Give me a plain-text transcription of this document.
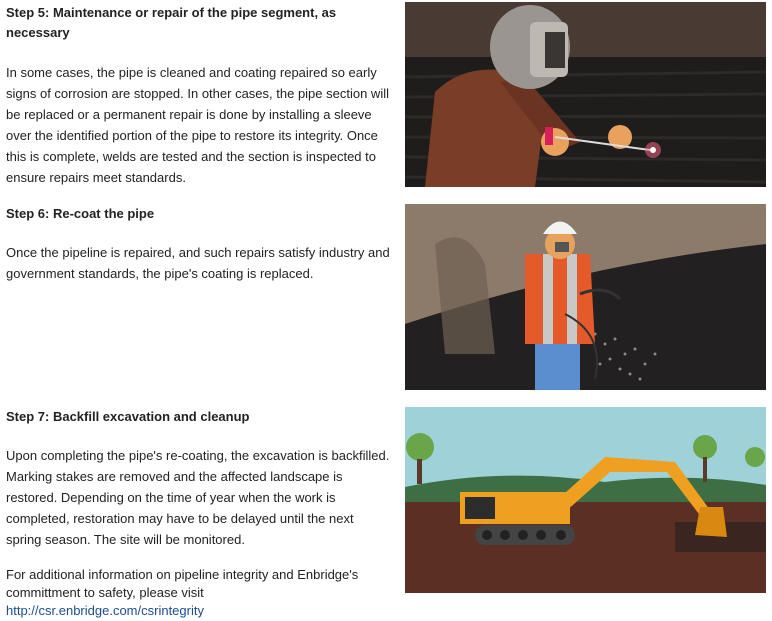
Step 5: Maintenance or repair of the pipe segment, as necessary

In some cases, the pipe is cleaned and coating repaired so early signs of corrosion are stopped. In other cases, the pipe section will be replaced or a permanent repair is done by installing a sleeve over the identified portion of the pipe to restore its integrity. Once this is complete, welds are tested and the section is inspected to ensure repairs meet standards.

Step 6: Re-coat the pipe

Once the pipeline is repaired, and such repairs satisfy industry and government standards, the pipe's coating is replaced.

Step 7: Backfill excavation and cleanup

Upon completing the pipe's re-coating, the excavation is backfilled. Marking stakes are removed and the affected landscape is restored. Depending on the time of year when the work is completed, restoration may have to be delayed until the next spring season. The site will be monitored.

For additional information on pipeline integrity and Enbridge's committment to safety, please visit

http://csr.enbridge.com/csrintegrity
